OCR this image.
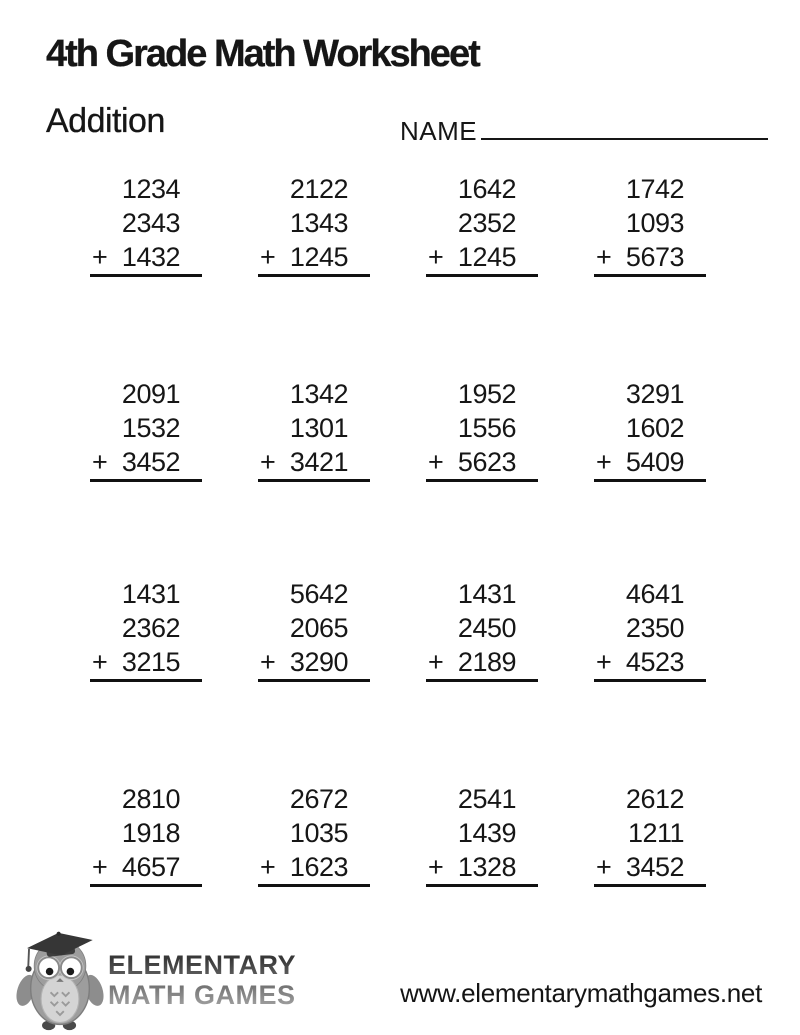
4th Grade Math Worksheet
Addition	NAME
1234
2343
+ 1432
2122
1343
+ 1245
1642
2352
+ 1245
1742
1093
+ 5673
2091
1532
+ 3452
1342
1301
+ 3421
1952
1556
+ 5623
3291
1602
+ 5409
1431
2362
+ 3215
5642
2065
+ 3290
1431
2450
+ 2189
4641
2350
+ 4523
2810
1918
+ 4657
2672
1035
+ 1623
2541
1439
+ 1328
2612
1211
+ 3452
ELEMENTARY
MATH GAMES	www.elementarymathgames.net
